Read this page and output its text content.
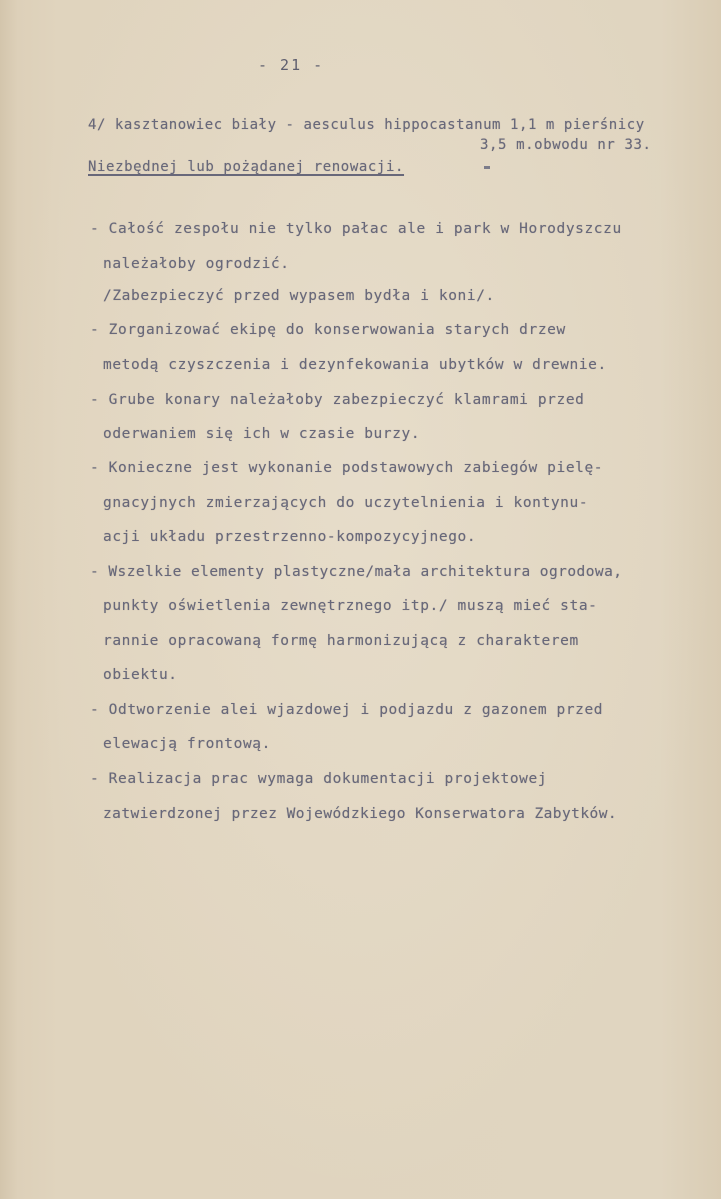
- 21 -
4/ kasztanowiec biały - aesculus hippocastanum 1,1 m pierśnicy
3,5 m.obwodu nr 33.
Niezbędnej lub pożądanej renowacji.
- Całość zespołu nie tylko pałac ale i park w Horodyszczu
należałoby ogrodzić.
/Zabezpieczyć przed wypasem bydła i koni/.
- Zorganizować ekipę do konserwowania starych drzew
metodą czyszczenia i dezynfekowania ubytków w drewnie.
- Grube konary należałoby zabezpieczyć klamrami przed
oderwaniem się ich w czasie burzy.
- Konieczne jest wykonanie podstawowych zabiegów pielę-
gnacyjnych zmierzających do uczytelnienia i kontynu-
acji układu przestrzenno-kompozycyjnego.
- Wszelkie elementy plastyczne/mała architektura ogrodowa,
punkty oświetlenia zewnętrznego itp./ muszą mieć sta-
rannie opracowaną formę harmonizującą z charakterem
obiektu.
- Odtworzenie alei wjazdowej i podjazdu z gazonem przed
elewacją frontową.
- Realizacja prac wymaga dokumentacji projektowej
zatwierdzonej przez Wojewódzkiego Konserwatora Zabytków.
